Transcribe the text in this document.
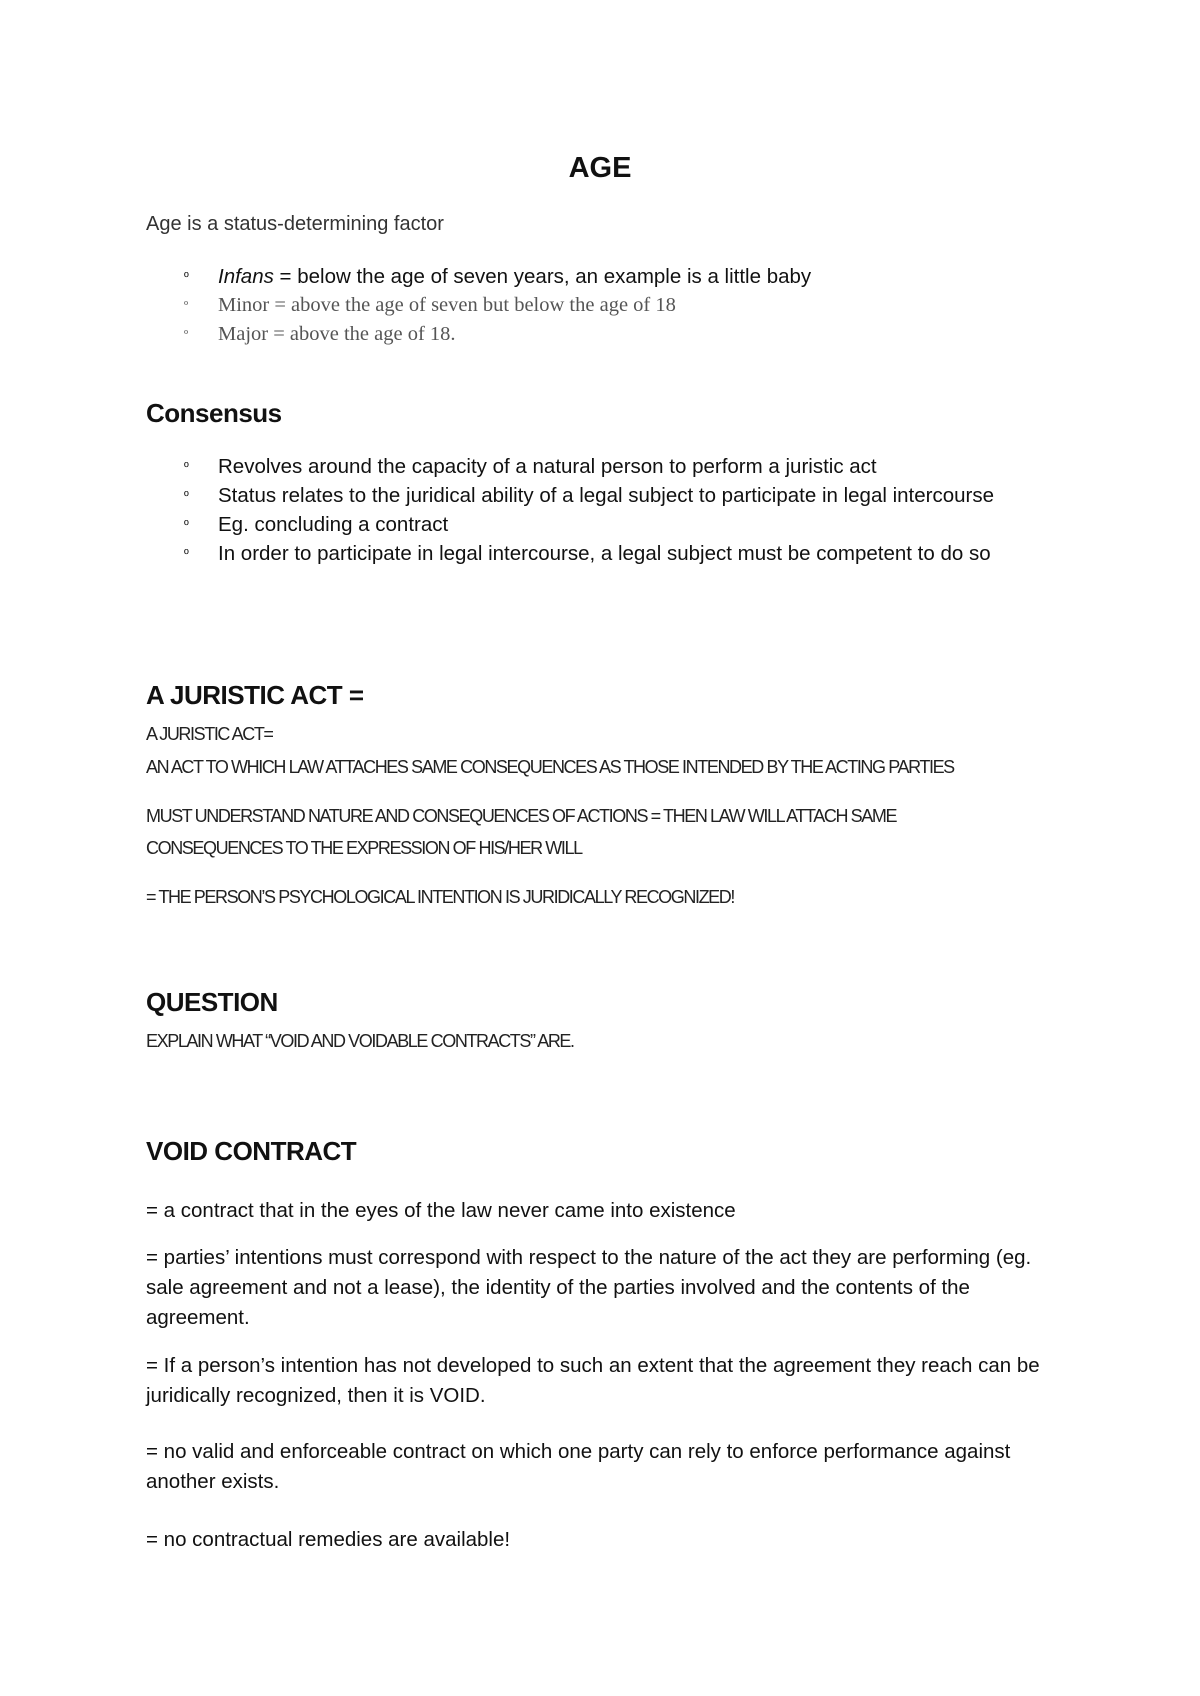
AGE

Age is a status-determining factor

º Infans = below the age of seven years, an example is a little baby
º Minor = above the age of seven but below the age of 18
º Major = above the age of 18.
Consensus
º Revolves around the capacity of a natural person to perform a juristic act
º Status relates to the juridical ability of a legal subject to participate in legal intercourse
º Eg. concluding a contract
º In order to participate in legal intercourse, a legal subject must be competent to do so
A JURISTIC ACT =

A JURISTIC ACT=

AN ACT TO WHICH LAW ATTACHES SAME CONSEQUENCES AS THOSE INTENDED BY THE ACTING PARTIES

MUST UNDERSTAND NATURE AND CONSEQUENCES OF ACTIONS = THEN LAW WILL ATTACH SAME

CONSEQUENCES TO THE EXPRESSION OF HIS/HER WILL

= THE PERSON’S PSYCHOLOGICAL INTENTION IS JURIDICALLY RECOGNIZED!

QUESTION

EXPLAIN WHAT “VOID AND VOIDABLE CONTRACTS” ARE.

VOID CONTRACT

= a contract that in the eyes of the law never came into existence

= parties’ intentions must correspond with respect to the nature of the act they are performing (eg. sale agreement and not a lease), the identity of the parties involved and the contents of the agreement.

= If a person’s intention has not developed to such an extent that the agreement they reach can be juridically recognized, then it is VOID.

= no valid and enforceable contract on which one party can rely to enforce performance against another exists.

= no contractual remedies are available!
